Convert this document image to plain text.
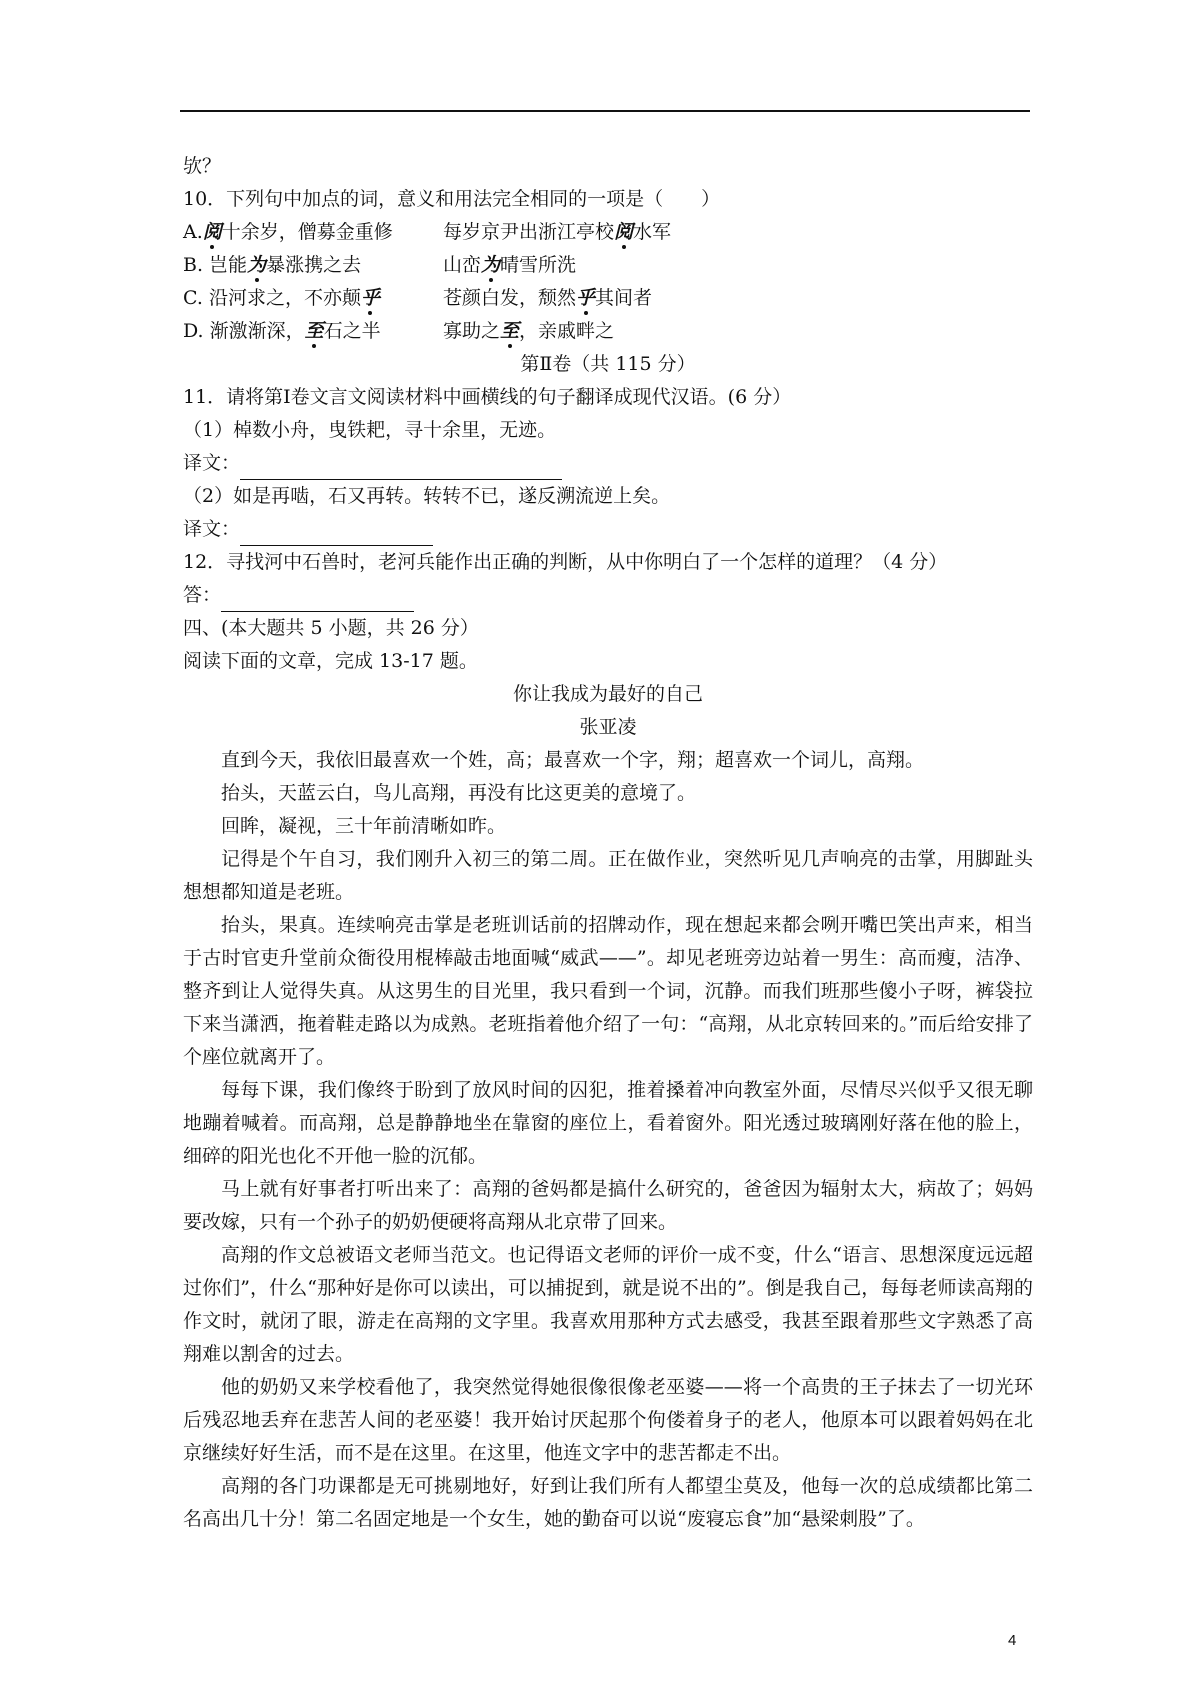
欤？
10．下列句中加点的词，意义和用法完全相同的一项是（　　）
A.阅十余岁，僧募金重修	每岁京尹出浙江亭校阅水军
B. 岂能为暴涨携之去	山峦为晴雪所洗
C. 沿河求之，不亦颠乎	苍颜白发，颓然乎其间者
D. 渐激渐深，至石之半	寡助之至，亲戚畔之
第Ⅱ卷（共 115 分）
11．请将第Ⅰ卷文言文阅读材料中画横线的句子翻译成现代汉语。(6 分）
（1）棹数小舟，曳铁耙，寻十余里，无迹。
译文：
（2）如是再啮，石又再转。转转不已，遂反溯流逆上矣。
译文：
12．寻找河中石兽时，老河兵能作出正确的判断，从中你明白了一个怎样的道理？（4 分）
答：
四、(本大题共 5 小题，共 26 分）
阅读下面的文章，完成 13-17 题。
你让我成为最好的自己
张亚凌
直到今天，我依旧最喜欢一个姓，高；最喜欢一个字，翔；超喜欢一个词儿，高翔。
抬头，天蓝云白，鸟儿高翔，再没有比这更美的意境了。
回眸，凝视，三十年前清晰如昨。
记得是个午自习，我们刚升入初三的第二周。正在做作业，突然听见几声响亮的击掌，用脚趾头想想都知道是老班。
抬头，果真。连续响亮击掌是老班训话前的招牌动作，现在想起来都会咧开嘴巴笑出声来，相当于古时官吏升堂前众衙役用棍棒敲击地面喊“威武——”。却见老班旁边站着一男生：高而瘦，洁净、整齐到让人觉得失真。从这男生的目光里，我只看到一个词，沉静。而我们班那些傻小子呀，裤袋拉下来当潇洒，拖着鞋走路以为成熟。老班指着他介绍了一句：“高翔，从北京转回来的。”而后给安排了个座位就离开了。
每每下课，我们像终于盼到了放风时间的囚犯，推着搡着冲向教室外面，尽情尽兴似乎又很无聊地蹦着喊着。而高翔，总是静静地坐在靠窗的座位上，看着窗外。阳光透过玻璃刚好落在他的脸上，细碎的阳光也化不开他一脸的沉郁。
马上就有好事者打听出来了：高翔的爸妈都是搞什么研究的，爸爸因为辐射太大，病故了；妈妈要改嫁，只有一个孙子的奶奶便硬将高翔从北京带了回来。
高翔的作文总被语文老师当范文。也记得语文老师的评价一成不变，什么“语言、思想深度远远超过你们”，什么“那种好是你可以读出，可以捕捉到，就是说不出的”。倒是我自己，每每老师读高翔的作文时，就闭了眼，游走在高翔的文字里。我喜欢用那种方式去感受，我甚至跟着那些文字熟悉了高翔难以割舍的过去。
他的奶奶又来学校看他了，我突然觉得她很像很像老巫婆——将一个高贵的王子抹去了一切光环后残忍地丢弃在悲苦人间的老巫婆！我开始讨厌起那个佝偻着身子的老人，他原本可以跟着妈妈在北京继续好好生活，而不是在这里。在这里，他连文字中的悲苦都走不出。
高翔的各门功课都是无可挑剔地好，好到让我们所有人都望尘莫及，他每一次的总成绩都比第二名高出几十分！第二名固定地是一个女生，她的勤奋可以说“废寝忘食”加“悬梁刺股”了。
4
